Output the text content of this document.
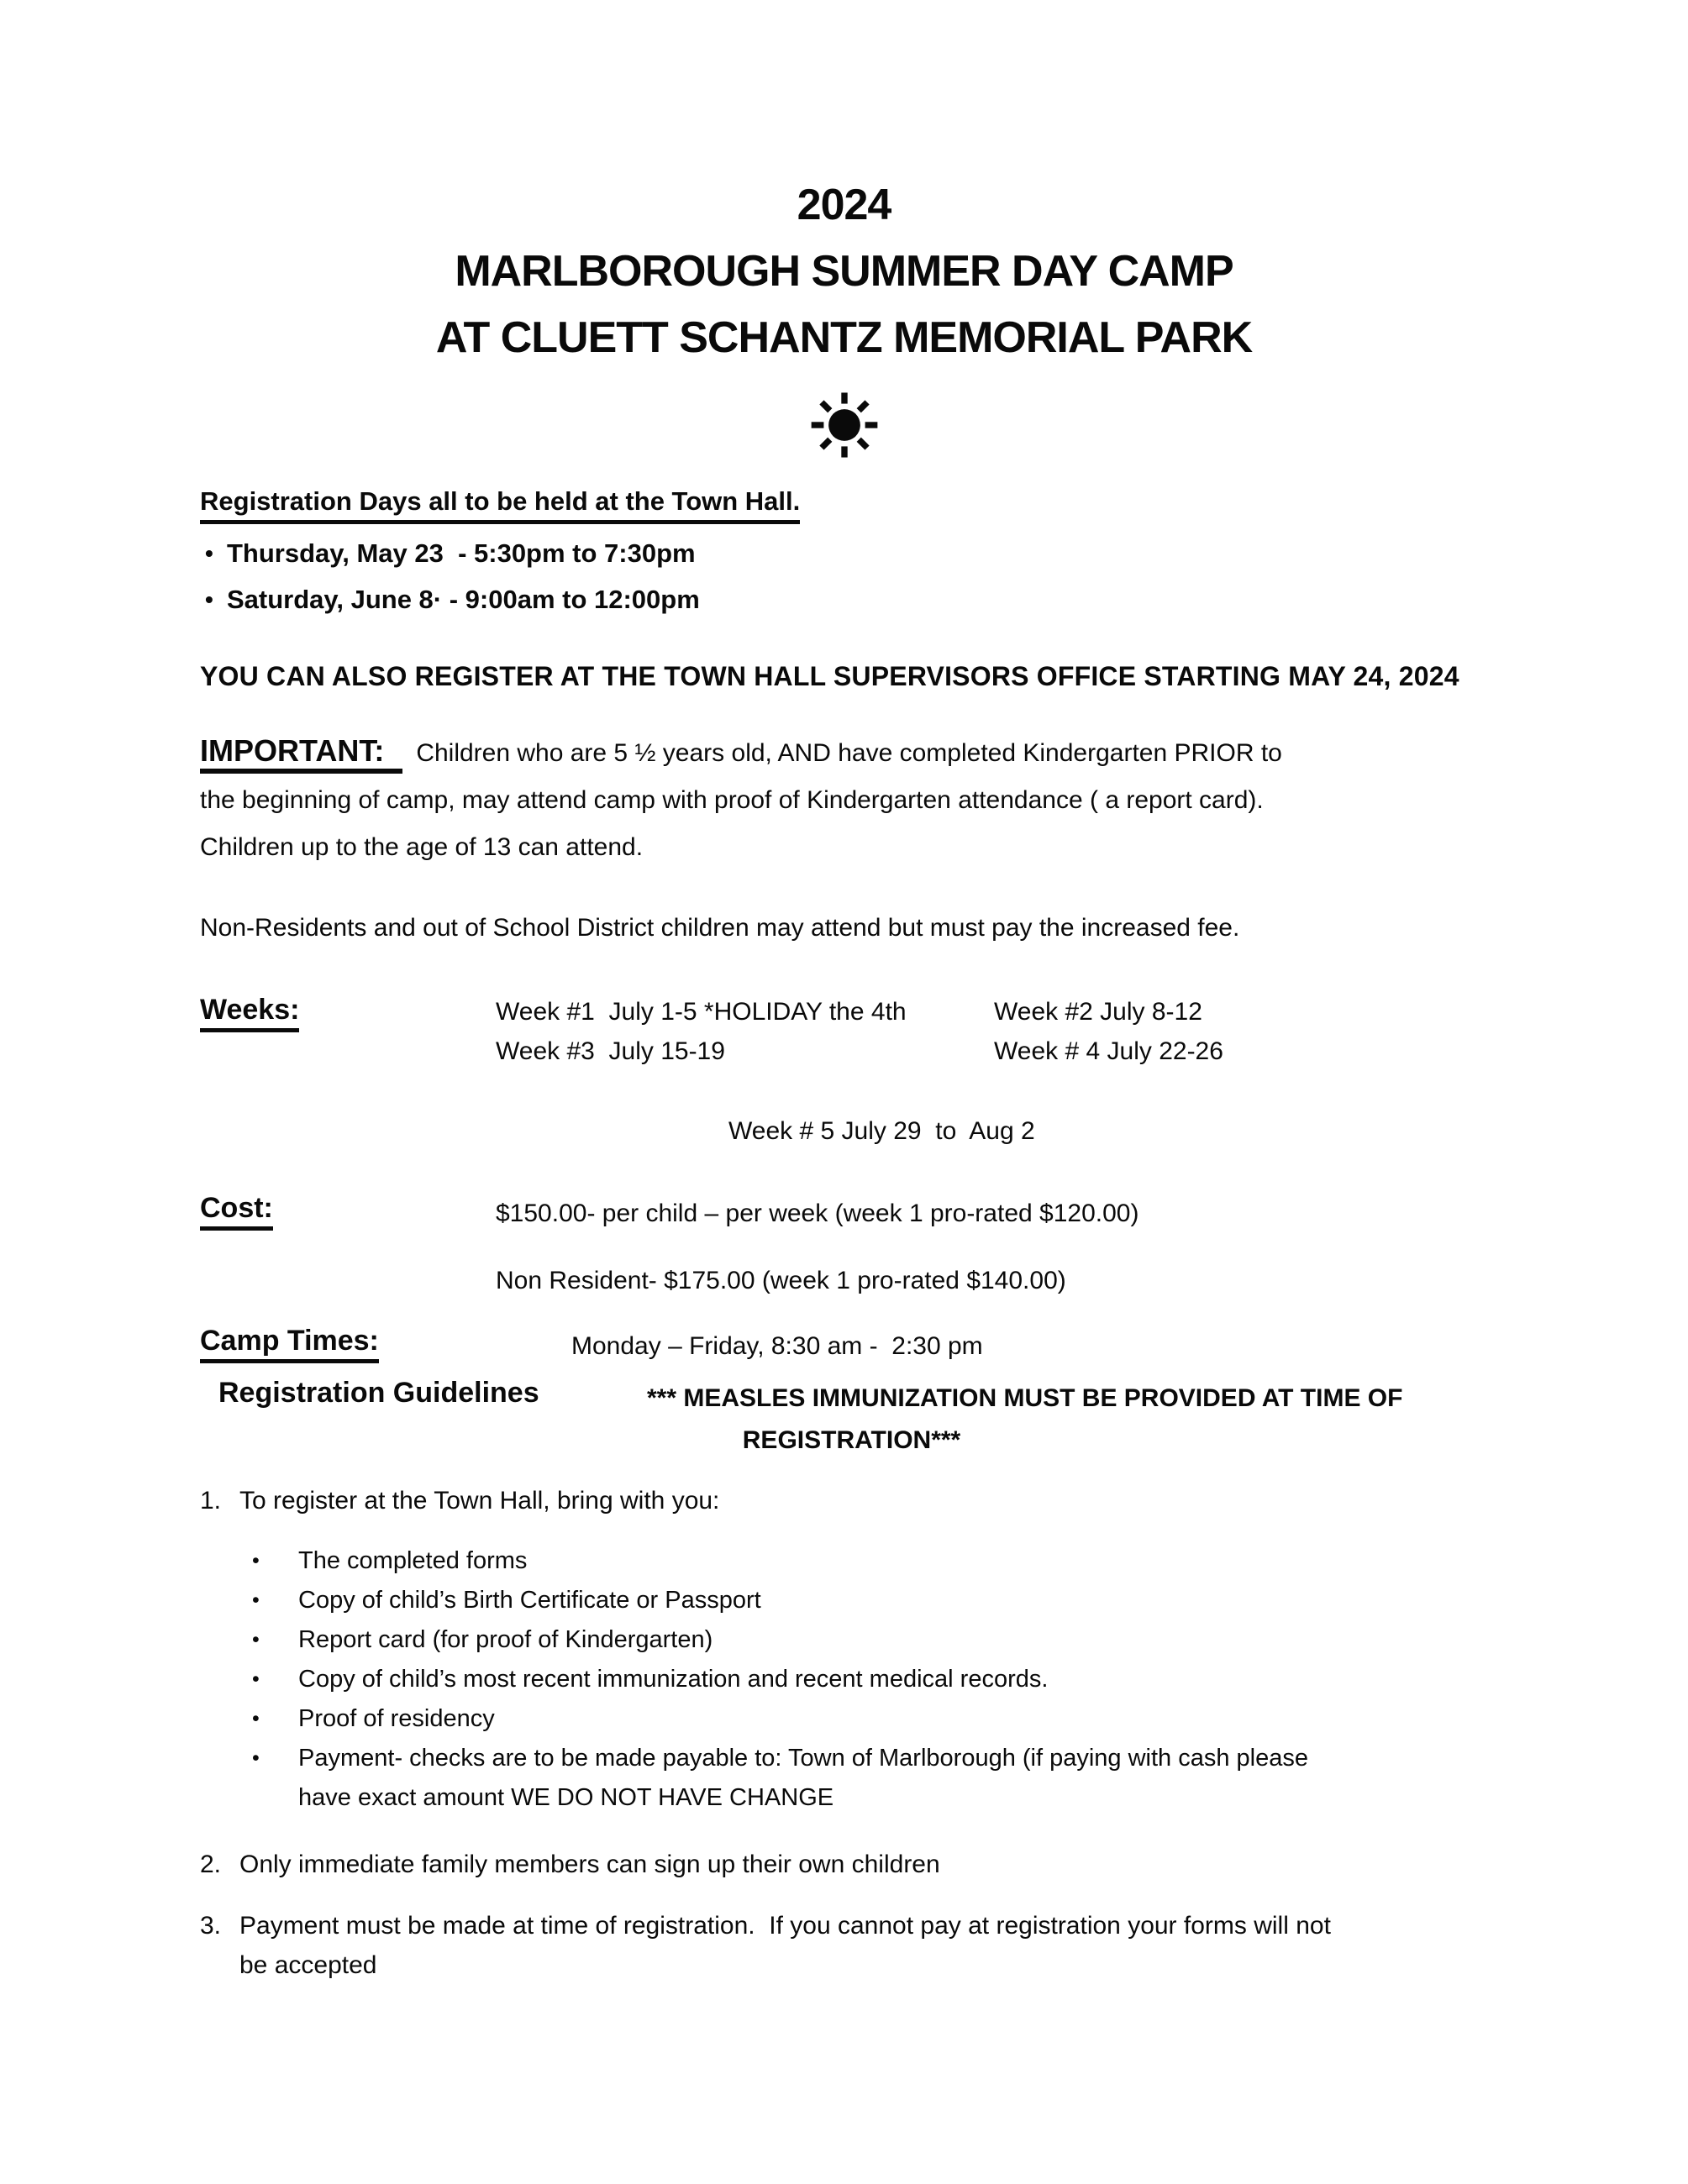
2024
MARLBOROUGH SUMMER DAY CAMP
AT CLUETT SCHANTZ MEMORIAL PARK
Registration Days all to be held at the Town Hall.
• Thursday, May 23  - 5:30pm to 7:30pm
• Saturday, June 8· - 9:00am to 12:00pm
YOU CAN ALSO REGISTER AT THE TOWN HALL SUPERVISORS OFFICE STARTING MAY 24, 2024
IMPORTANT: Children who are 5 ½ years old, AND have completed Kindergarten PRIOR to
the beginning of camp, may attend camp with proof of Kindergarten attendance ( a report card).
Children up to the age of 13 can attend.
Non-Residents and out of School District children may attend but must pay the increased fee.
Weeks:	Week #1  July 1-5 *HOLIDAY the 4th	Week #2 July 8-12
Week #3  July 15-19	Week # 4 July 22-26
Week # 5 July 29  to  Aug 2
Cost:	$150.00- per child – per week (week 1 pro-rated $120.00)
Non Resident- $175.00 (week 1 pro-rated $140.00)
Camp Times:	Monday – Friday, 8:30 am -  2:30 pm
Registration Guidelines	*** MEASLES IMMUNIZATION MUST BE PROVIDED AT TIME OF
REGISTRATION***
1. To register at the Town Hall, bring with you:
•	The completed forms
•	Copy of child’s Birth Certificate or Passport
•	Report card (for proof of Kindergarten)
•	Copy of child’s most recent immunization and recent medical records.
•	Proof of residency
•	Payment- checks are to be made payable to: Town of Marlborough (if paying with cash please
have exact amount WE DO NOT HAVE CHANGE
2. Only immediate family members can sign up their own children
3. Payment must be made at time of registration.  If you cannot pay at registration your forms will not
be accepted
